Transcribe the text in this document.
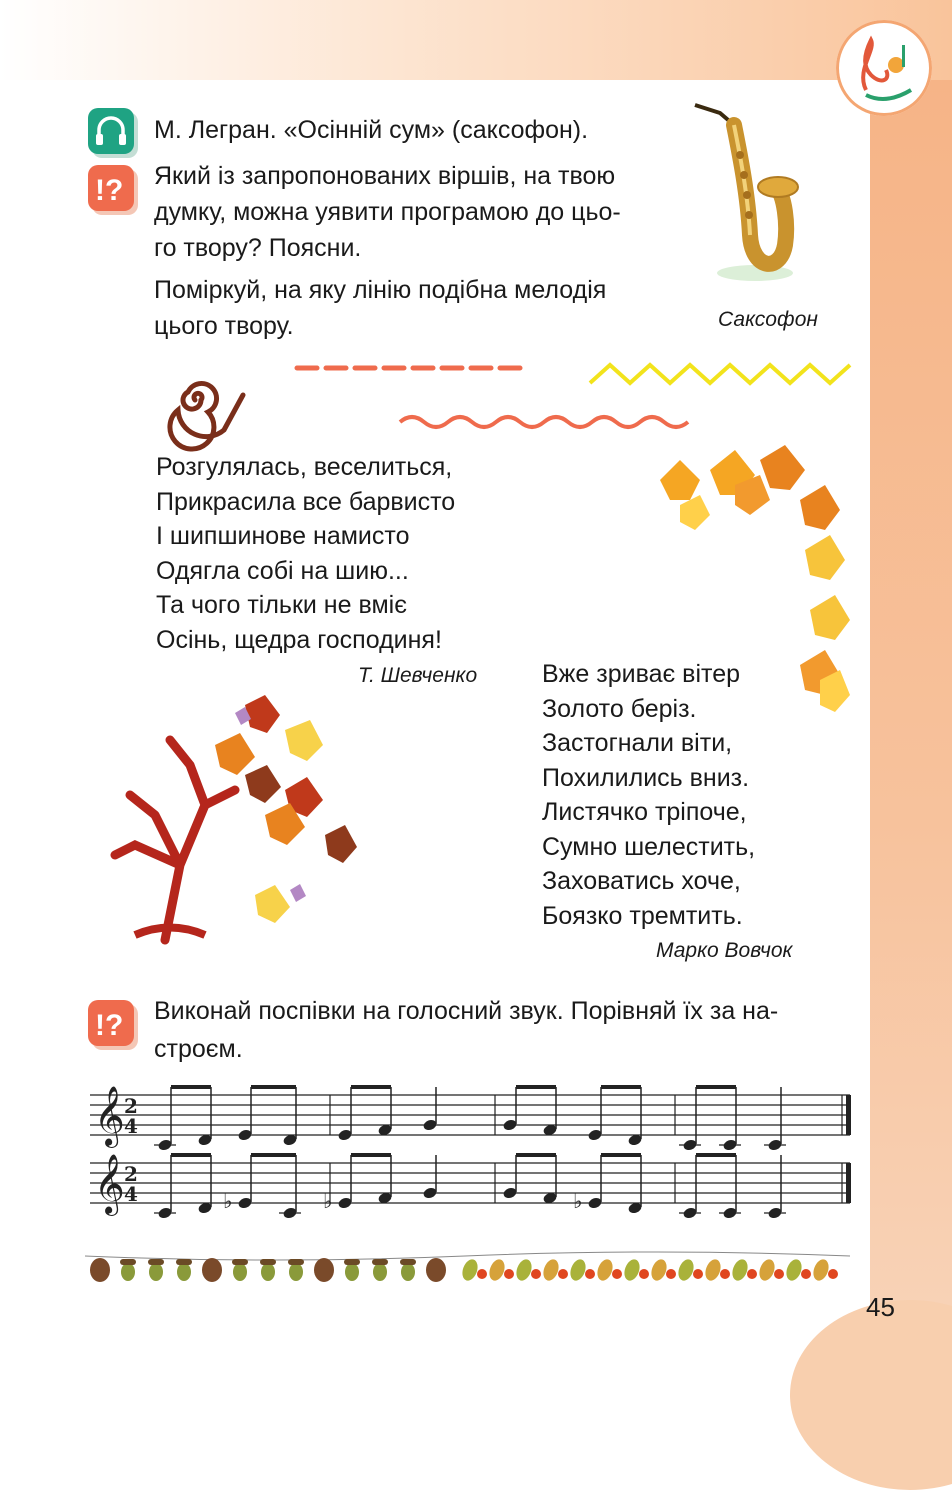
!?
!?
М. Легран. «Осінній сум» (саксофон).
Який із запропонованих віршів, на твою
думку, можна уявити програмою до цьо-
го твору? Поясни.
Поміркуй, на яку лінію подібна мелодія
цього твору.	Саксофон
Розгулялась, веселиться,
Прикрасила все барвисто
І шипшинове намисто
Одягла собі на шию...
Та чого тільки не вміє
Осінь, щедра господиня!
Т. Шевченко	Вже зриває вітер
Золото беріз.
Застогнали віти,
Похилились вниз.
Листячко тріпоче,
Сумно шелестить,
Заховатись хоче,
Боязко тремтить.
Марко Вовчок
Виконай поспівки на голосний звук. Порівняй їх за на-
строєм.
𝄞 2
4
𝄞 2
4	♭	♭	♭
45
